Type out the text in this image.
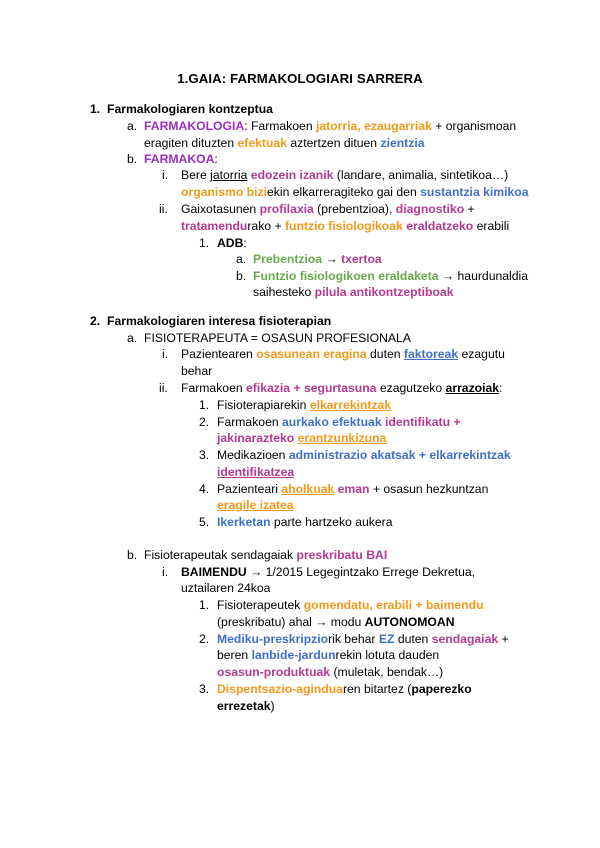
1.GAIA: FARMAKOLOGIARI SARRERA
1. Farmakologiaren kontzeptua
a. FARMAKOLOGIA: Farmakoen jatorria, ezaugarriak + organismoan
eragiten dituzten efektuak aztertzen dituen zientzia
b. FARMAKOA:
i. Bere jatorria edozein izanik (landare, animalia, sintetikoa…)
organismo biziekin elkarreragiteko gai den sustantzia kimikoa
ii. Gaixotasunen profilaxia (prebentzioa), diagnostiko +
tratamendurako + funtzio fisiologikoak eraldatzeko erabili
1. ADB:
a. Prebentzioa → txertoa
b. Funtzio fisiologikoen eraldaketa → haurdunaldia
saihesteko pilula antikontzeptiboak
2. Farmakologiaren interesa fisioterapian
a. FISIOTERAPEUTA = OSASUN PROFESIONALA
i. Pazientearen osasunean eragina duten faktoreak ezagutu
behar
ii. Farmakoen efikazia + segurtasuna ezagutzeko arrazoiak:
1. Fisioterapiarekin elkarrekintzak
2. Farmakoen aurkako efektuak identifikatu +
jakinarazteko erantzunkizuna
3. Medikazioen administrazio akatsak + elkarrekintzak
identifikatzea
4. Pazienteari aholkuak eman + osasun hezkuntzan
eragile izatea
5. Ikerketan parte hartzeko aukera
b. Fisioterapeutak sendagaiak preskribatu BAI
i. BAIMENDU → 1/2015 Legegintzako Errege Dekretua,
uztailaren 24koa
1. Fisioterapeutek gomendatu, erabili + baimendu
(preskribatu) ahal → modu AUTONOMOAN
2. Mediku-preskripziorik behar EZ duten sendagaiak +
beren lanbide-jardunrekin lotuta dauden
osasun-produktuak (muletak, bendak…)
3. Dispentsazio-aginduaren bitartez (paperezko
errezetak)
